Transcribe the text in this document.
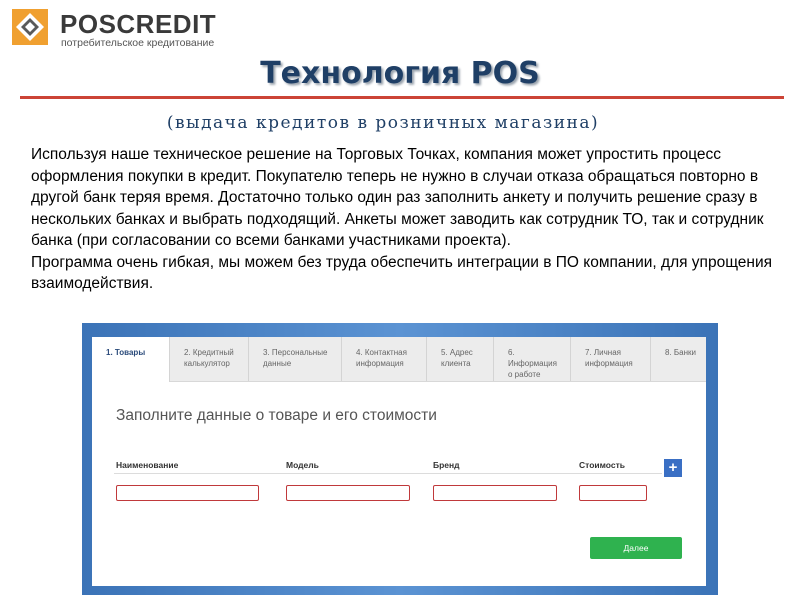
POSCREDIT
потребительское кредитование
Технология POS
(выдача кредитов в розничных магазина)

Используя наше техническое решение на Торговых Точках, компания может упростить процесс оформления покупки в кредит. Покупателю теперь не нужно в случаи отказа обращаться повторно в другой банк теряя время. Достаточно только один раз заполнить анкету и получить решение сразу в нескольких банках и выбрать подходящий. Анкеты может заводить как сотрудник ТО, так и сотрудник банка (при согласовании со всеми банками участниками проекта).

Программа очень гибкая, мы можем без труда обеспечить интеграции в ПО компании, для упрощения взаимодействия.

1. Товары	2. Кредитный
калькулятор
3. Персональные
данные
4. Контактная
информация
5. Адрес
клиента
6. Информация
о работе
7. Личная
информация
8. Банки
Заполните данные о товаре и его стоимости
Наименование	Модель	Бренд	Стоимость	+
Далее
